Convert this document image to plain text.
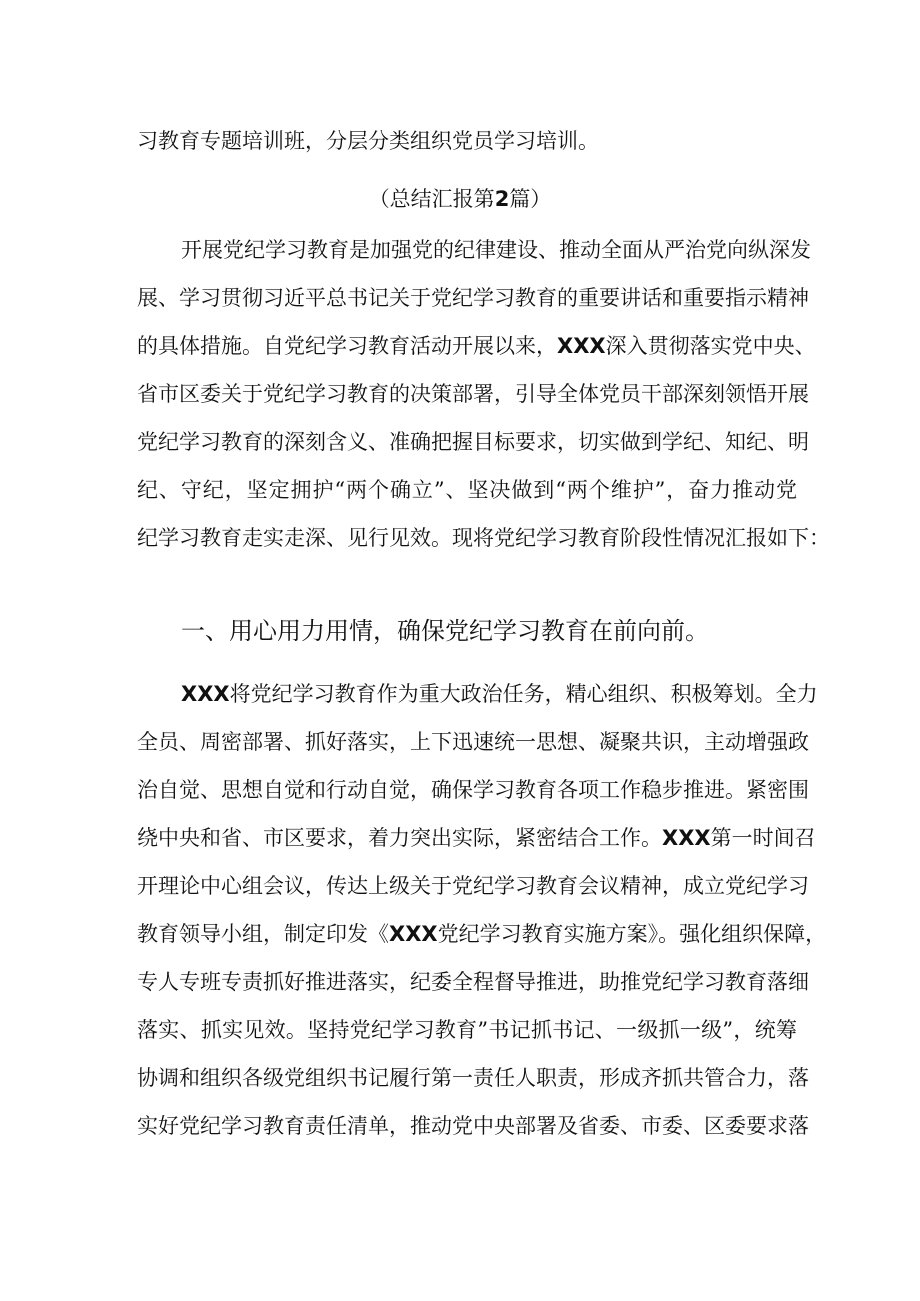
习教育专题培训班，分层分类组织党员学习培训。
（总结汇报第2篇）
开展党纪学习教育是加强党的纪律建设、推动全面从严治党向纵深发
展、学习贯彻习近平总书记关于党纪学习教育的重要讲话和重要指示精神
的具体措施。自党纪学习教育活动开展以来，XXX深入贯彻落实党中央、
省市区委关于党纪学习教育的决策部署，引导全体党员干部深刻领悟开展
党纪学习教育的深刻含义、准确把握目标要求，切实做到学纪、知纪、明
纪、守纪，坚定拥护“两个确立”、坚决做到“两个维护”，奋力推动党
纪学习教育走实走深、见行见效。现将党纪学习教育阶段性情况汇报如下：
一、用心用力用情，确保党纪学习教育在前向前。
XXX将党纪学习教育作为重大政治任务，精心组织、积极筹划。全力
全员、周密部署、抓好落实，上下迅速统一思想、凝聚共识，主动增强政
治自觉、思想自觉和行动自觉，确保学习教育各项工作稳步推进。紧密围
绕中央和省、市区要求，着力突出实际，紧密结合工作。XXX第一时间召
开理论中心组会议，传达上级关于党纪学习教育会议精神，成立党纪学习
教育领导小组，制定印发《XXX党纪学习教育实施方案》。强化组织保障，
专人专班专责抓好推进落实，纪委全程督导推进，助推党纪学习教育落细
落实、抓实见效。坚持党纪学习教育”书记抓书记、一级抓一级”，统筹
协调和组织各级党组织书记履行第一责任人职责，形成齐抓共管合力，落
实好党纪学习教育责任清单，推动党中央部署及省委、市委、区委要求落
